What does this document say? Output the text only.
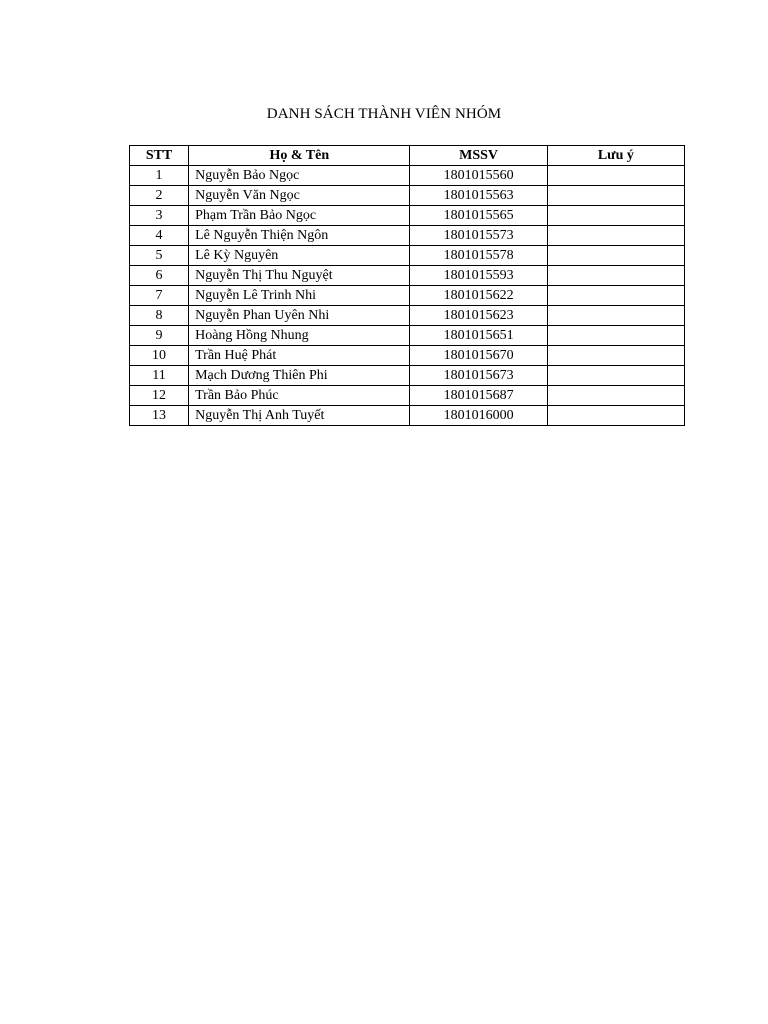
DANH SÁCH THÀNH VIÊN NHÓM
STT	Họ & Tên	MSSV	Lưu ý
1	Nguyễn Bảo Ngọc	1801015560	
2	Nguyễn Văn Ngọc	1801015563	
3	Phạm Trần Bảo Ngọc	1801015565	
4	Lê Nguyễn Thiện Ngôn	1801015573	
5	Lê Kỳ Nguyên	1801015578	
6	Nguyễn Thị Thu Nguyệt	1801015593	
7	Nguyễn Lê Trinh Nhi	1801015622	
8	Nguyễn Phan Uyên Nhi	1801015623	
9	Hoàng Hồng Nhung	1801015651	
10	Trần Huệ Phát	1801015670	
11	Mạch Dương Thiên Phi	1801015673	
12	Trần Bảo Phúc	1801015687	
13	Nguyễn Thị Anh Tuyết	1801016000	
